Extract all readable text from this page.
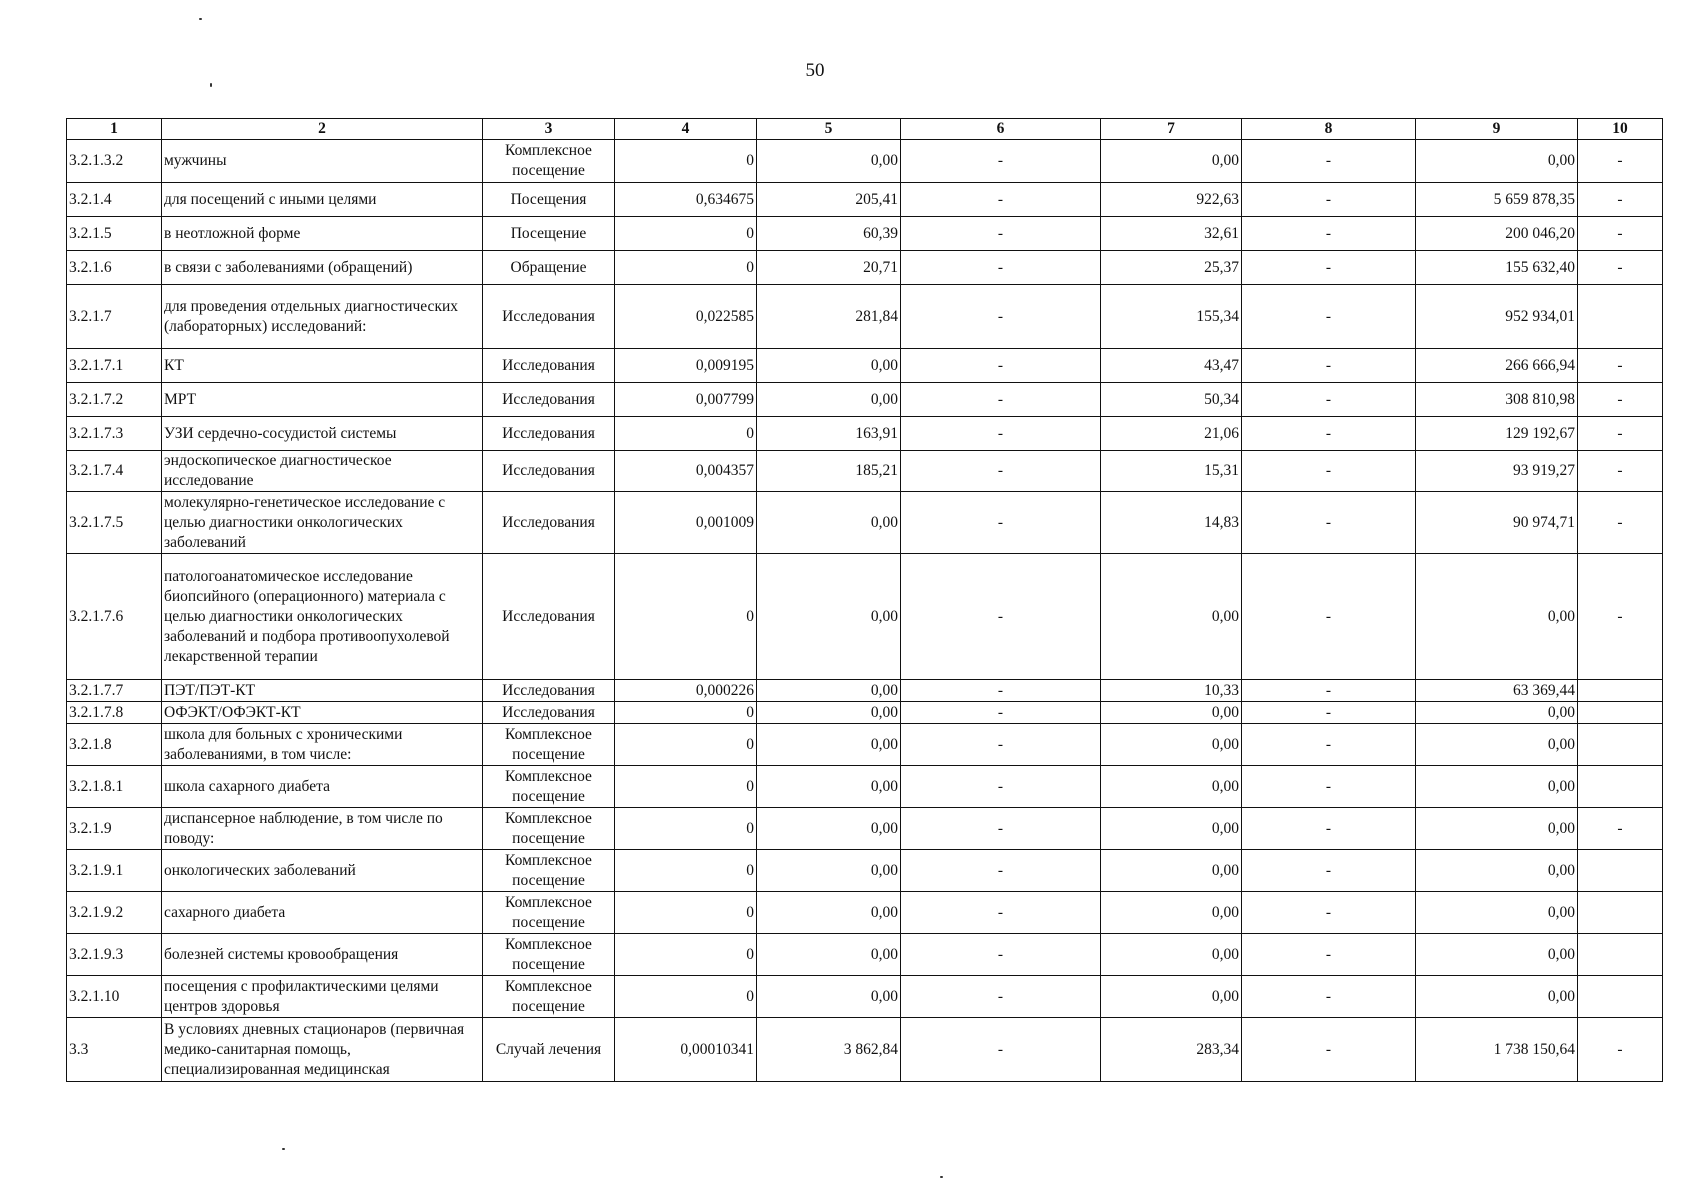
50
1	2	3	4	5	6	7	8	9	10
3.2.1.3.2	мужчины	Комплексное посещение	0	0,00	-	0,00	-	0,00	-
3.2.1.4	для посещений с иными целями	Посещения	0,634675	205,41	-	922,63	-	5 659 878,35	-
3.2.1.5	в неотложной форме	Посещение	0	60,39	-	32,61	-	200 046,20	-
3.2.1.6	в связи с заболеваниями (обращений)	Обращение	0	20,71	-	25,37	-	155 632,40	-
3.2.1.7	для проведения отдельных диагностических (лабораторных) исследований:	Исследования	0,022585	281,84	-	155,34	-	952 934,01	
3.2.1.7.1	КТ	Исследования	0,009195	0,00	-	43,47	-	266 666,94	-
3.2.1.7.2	МРТ	Исследования	0,007799	0,00	-	50,34	-	308 810,98	-
3.2.1.7.3	УЗИ сердечно-сосудистой системы	Исследования	0	163,91	-	21,06	-	129 192,67	-
3.2.1.7.4	эндоскопическое диагностическое исследование	Исследования	0,004357	185,21	-	15,31	-	93 919,27	-
3.2.1.7.5	молекулярно-генетическое исследование с целью диагностики онкологических заболеваний	Исследования	0,001009	0,00	-	14,83	-	90 974,71	-
3.2.1.7.6	патологоанатомическое исследование биопсийного (операционного) материала с целью диагностики онкологических заболеваний и подбора противоопухолевой лекарственной терапии	Исследования	0	0,00	-	0,00	-	0,00	-
3.2.1.7.7	ПЭТ/ПЭТ-КТ	Исследования	0,000226	0,00	-	10,33	-	63 369,44	
3.2.1.7.8	ОФЭКТ/ОФЭКТ-КТ	Исследования	0	0,00	-	0,00	-	0,00	
3.2.1.8	школа для больных с хроническими заболеваниями, в том числе:	Комплексное посещение	0	0,00	-	0,00	-	0,00	
3.2.1.8.1	школа сахарного диабета	Комплексное посещение	0	0,00	-	0,00	-	0,00	
3.2.1.9	диспансерное наблюдение, в том числе по поводу:	Комплексное посещение	0	0,00	-	0,00	-	0,00	-
3.2.1.9.1	онкологических заболеваний	Комплексное посещение	0	0,00	-	0,00	-	0,00	
3.2.1.9.2	сахарного диабета	Комплексное посещение	0	0,00	-	0,00	-	0,00	
3.2.1.9.3	болезней системы кровообращения	Комплексное посещение	0	0,00	-	0,00	-	0,00	
3.2.1.10	посещения с профилактическими целями центров здоровья	Комплексное посещение	0	0,00	-	0,00	-	0,00	
3.3	В условиях дневных стационаров (первичная медико-санитарная помощь, специализированная медицинская	Случай лечения	0,00010341	3 862,84	-	283,34	-	1 738 150,64	-
